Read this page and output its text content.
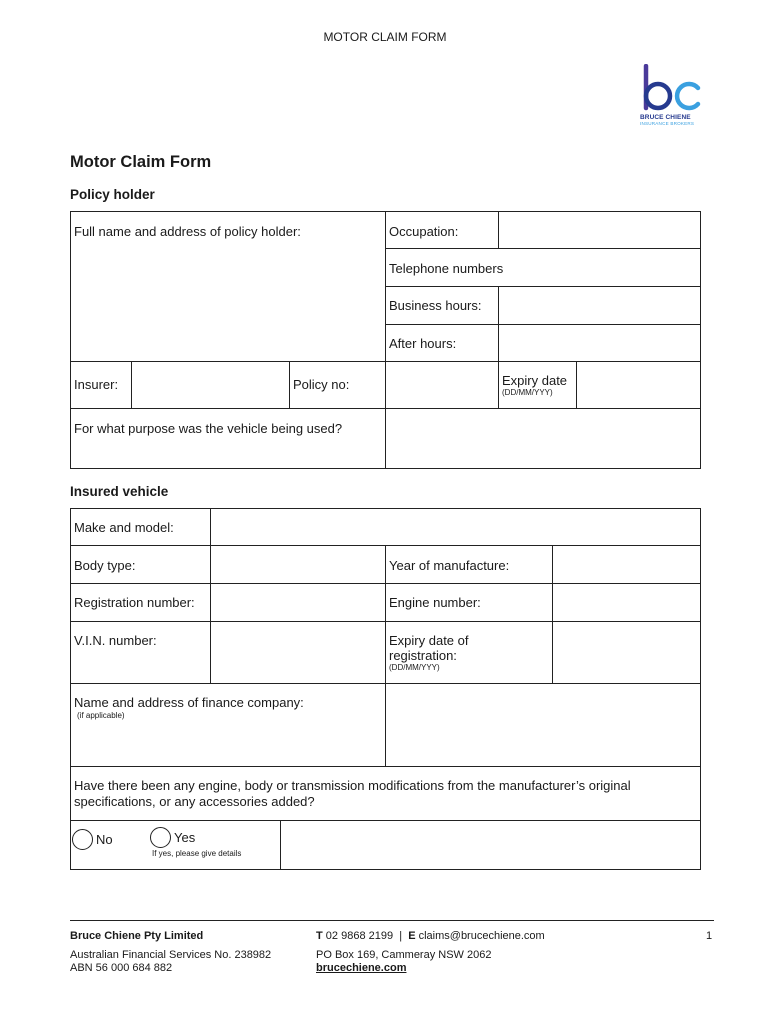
MOTOR CLAIM FORM
BRUCE CHIENE
INSURANCE BROKERS
Motor Claim Form
Policy holder
Full name and address of policy holder:	Occupation:
Telephone numbers
Business hours:
After hours:
Insurer:	Policy no:	Expiry date
(DD/MM/YYY)
For what purpose was the vehicle being used?
Insured vehicle
Make and model:
Body type:	Year of manufacture:
Registration number:	Engine number:
V.I.N. number:	Expiry date of
registration:
(DD/MM/YYY)
Name and address of finance company:
(if applicable)
Have there been any engine, body or transmission modifications from the manufacturer’s original
specifications, or any accessories added?
No	Yes
If yes, please give details
Bruce Chiene Pty Limited
Australian Financial Services No. 238982
ABN 56 000 684 882
T 02 9868 2199 | E claims@brucechiene.com
PO Box 169, Cammeray NSW 2062
brucechiene.com
1
